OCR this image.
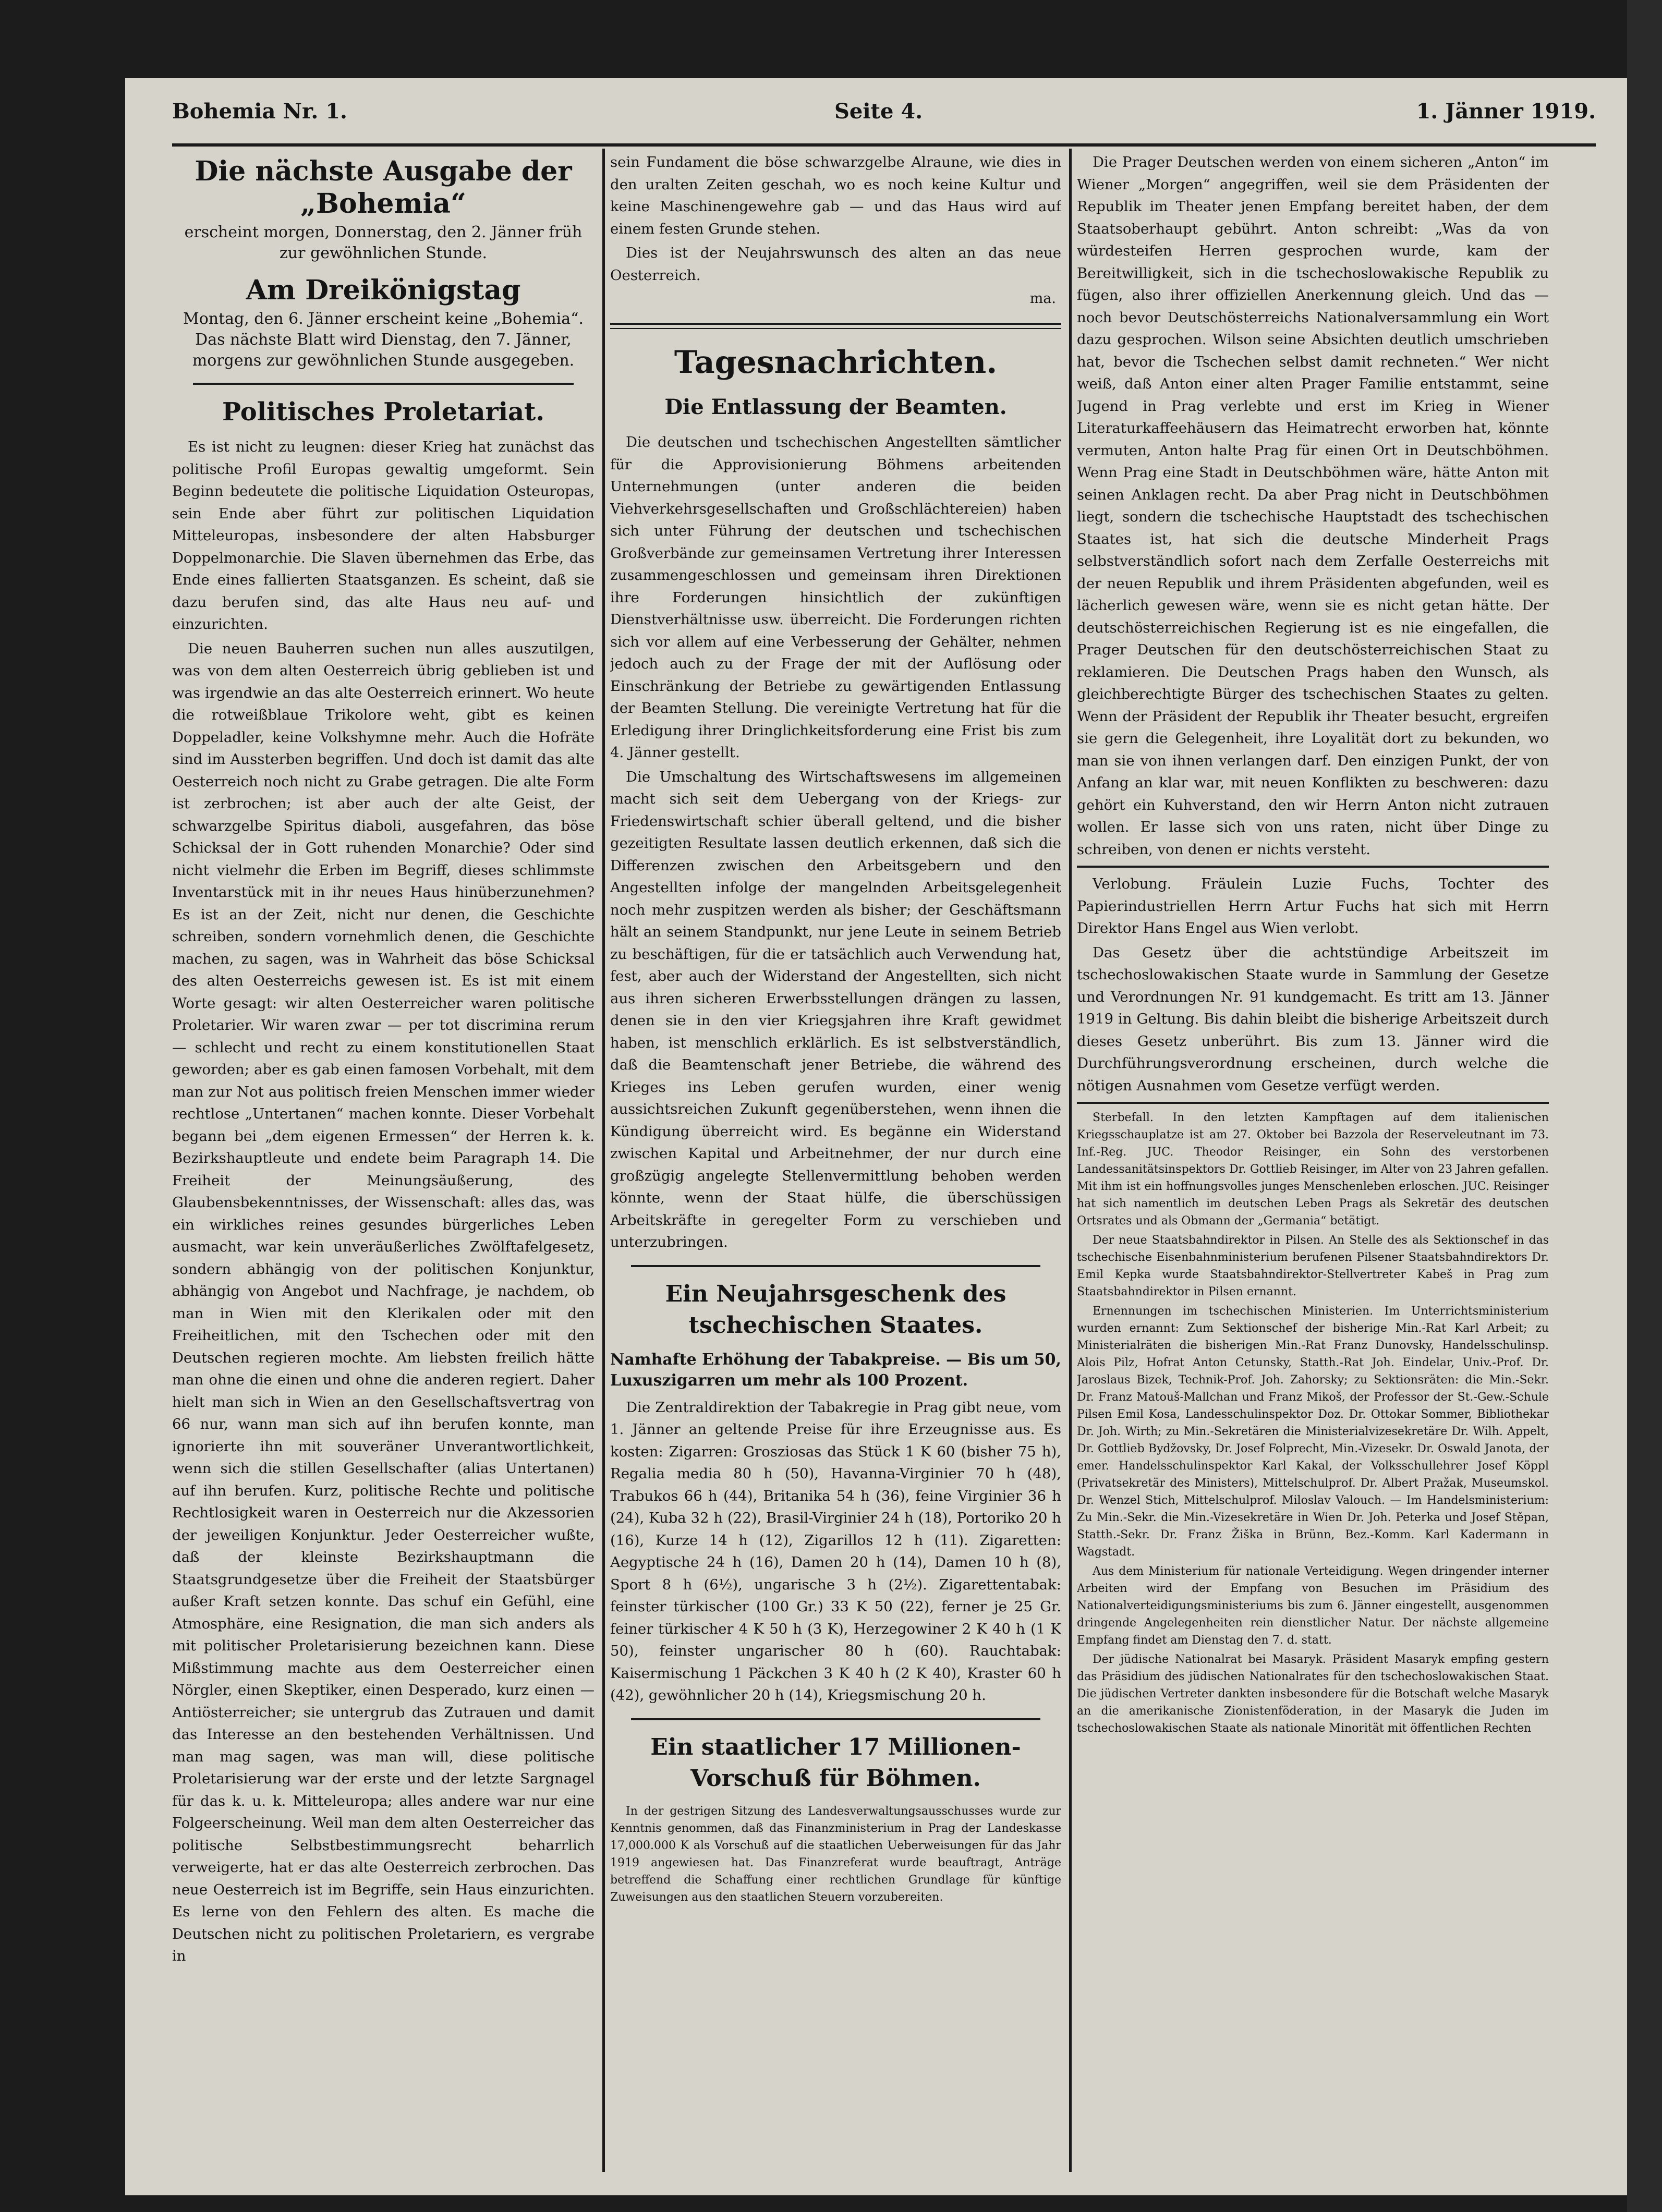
Bohemia Nr. 1.	Seite 4.	1. Jänner 1919.
Die nächste Ausgabe der „Bohemia“
erscheint morgen, Donnerstag, den 2. Jänner früh zur gewöhnlichen Stunde.
Am Dreikönigstag
Montag, den 6. Jänner erscheint keine „Bohemia“. Das nächste Blatt wird Dienstag, den 7. Jänner, morgens zur gewöhnlichen Stunde ausgegeben.
Politisches Proletariat.

Es ist nicht zu leugnen: dieser Krieg hat zunächst das politische Profil Europas gewaltig umgeformt. Sein Beginn bedeutete die politische Liquidation Osteuropas, sein Ende aber führt zur politischen Liquidation Mitteleuropas, insbesondere der alten Habsburger Doppelmonarchie. Die Slaven übernehmen das Erbe, das Ende eines fallierten Staatsganzen. Es scheint, daß sie dazu berufen sind, das alte Haus neu auf- und einzurichten.

Die neuen Bauherren suchen nun alles auszutilgen, was von dem alten Oesterreich übrig geblieben ist und was irgendwie an das alte Oesterreich erinnert. Wo heute die rotweißblaue Trikolore weht, gibt es keinen Doppeladler, keine Volkshymne mehr. Auch die Hofräte sind im Aussterben begriffen. Und doch ist damit das alte Oesterreich noch nicht zu Grabe getragen. Die alte Form ist zerbrochen; ist aber auch der alte Geist, der schwarzgelbe Spiritus diaboli, ausgefahren, das böse Schicksal der in Gott ruhenden Monarchie? Oder sind nicht vielmehr die Erben im Begriff, dieses schlimmste Inventarstück mit in ihr neues Haus hinüberzunehmen? Es ist an der Zeit, nicht nur denen, die Geschichte schreiben, sondern vornehmlich denen, die Geschichte machen, zu sagen, was in Wahrheit das böse Schicksal des alten Oesterreichs gewesen ist. Es ist mit einem Worte gesagt: wir alten Oesterreicher waren politische Proletarier. Wir waren zwar — per tot discrimina rerum — schlecht und recht zu einem konstitutionellen Staat geworden; aber es gab einen famosen Vorbehalt, mit dem man zur Not aus politisch freien Menschen immer wieder rechtlose „Untertanen“ machen konnte. Dieser Vorbehalt begann bei „dem eigenen Ermessen“ der Herren k. k. Bezirkshauptleute und endete beim Paragraph 14. Die Freiheit der Meinungsäußerung, des Glaubensbekenntnisses, der Wissenschaft: alles das, was ein wirkliches reines gesundes bürgerliches Leben ausmacht, war kein unveräußerliches Zwölftafelgesetz, sondern abhängig von der politischen Konjunktur, abhängig von Angebot und Nachfrage, je nachdem, ob man in Wien mit den Klerikalen oder mit den Freiheitlichen, mit den Tschechen oder mit den Deutschen regieren mochte. Am liebsten freilich hätte man ohne die einen und ohne die anderen regiert. Daher hielt man sich in Wien an den Gesellschaftsvertrag von 66 nur, wann man sich auf ihn berufen konnte, man ignorierte ihn mit souveräner Unverantwortlichkeit, wenn sich die stillen Gesellschafter (alias Untertanen) auf ihn berufen. Kurz, politische Rechte und politische Rechtlosigkeit waren in Oesterreich nur die Akzessorien der jeweiligen Konjunktur. Jeder Oesterreicher wußte, daß der kleinste Bezirkshauptmann die Staatsgrundgesetze über die Freiheit der Staatsbürger außer Kraft setzen konnte. Das schuf ein Gefühl, eine Atmosphäre, eine Resignation, die man sich anders als mit politischer Proletarisierung bezeichnen kann. Diese Mißstimmung machte aus dem Oesterreicher einen Nörgler, einen Skeptiker, einen Desperado, kurz einen — Antiösterreicher; sie untergrub das Zutrauen und damit das Interesse an den bestehenden Verhältnissen. Und man mag sagen, was man will, diese politische Proletarisierung war der erste und der letzte Sargnagel für das k. u. k. Mitteleuropa; alles andere war nur eine Folgeerscheinung. Weil man dem alten Oesterreicher das politische Selbstbestimmungsrecht beharrlich verweigerte, hat er das alte Oesterreich zerbrochen. Das neue Oesterreich ist im Begriffe, sein Haus einzurichten. Es lerne von den Fehlern des alten. Es mache die Deutschen nicht zu politischen Proletariern, es vergrabe in

sein Fundament die böse schwarzgelbe Alraune, wie dies in den uralten Zeiten geschah, wo es noch keine Kultur und keine Maschinengewehre gab — und das Haus wird auf einem festen Grunde stehen.

Dies ist der Neujahrswunsch des alten an das neue Oesterreich.

ma.
Tagesnachrichten.
Die Entlassung der Beamten.

Die deutschen und tschechischen Angestellten sämtlicher für die Approvisionierung Böhmens arbeitenden Unternehmungen (unter anderen die beiden Viehverkehrsgesellschaften und Großschlächtereien) haben sich unter Führung der deutschen und tschechischen Großverbände zur gemeinsamen Vertretung ihrer Interessen zusammengeschlossen und gemeinsam ihren Direktionen ihre Forderungen hinsichtlich der zukünftigen Dienstverhältnisse usw. überreicht. Die Forderungen richten sich vor allem auf eine Verbesserung der Gehälter, nehmen jedoch auch zu der Frage der mit der Auflösung oder Einschränkung der Betriebe zu gewärtigenden Entlassung der Beamten Stellung. Die vereinigte Vertretung hat für die Erledigung ihrer Dringlichkeitsforderung eine Frist bis zum 4. Jänner gestellt.

Die Umschaltung des Wirtschaftswesens im allgemeinen macht sich seit dem Uebergang von der Kriegs- zur Friedenswirtschaft schier überall geltend, und die bisher gezeitigten Resultate lassen deutlich erkennen, daß sich die Differenzen zwischen den Arbeitsgebern und den Angestellten infolge der mangelnden Arbeitsgelegenheit noch mehr zuspitzen werden als bisher; der Geschäftsmann hält an seinem Standpunkt, nur jene Leute in seinem Betrieb zu beschäftigen, für die er tatsächlich auch Verwendung hat, fest, aber auch der Widerstand der Angestellten, sich nicht aus ihren sicheren Erwerbsstellungen drängen zu lassen, denen sie in den vier Kriegsjahren ihre Kraft gewidmet haben, ist menschlich erklärlich. Es ist selbstverständlich, daß die Beamtenschaft jener Betriebe, die während des Krieges ins Leben gerufen wurden, einer wenig aussichtsreichen Zukunft gegenüberstehen, wenn ihnen die Kündigung überreicht wird. Es begänne ein Widerstand zwischen Kapital und Arbeitnehmer, der nur durch eine großzügig angelegte Stellenvermittlung behoben werden könnte, wenn der Staat hülfe, die überschüssigen Arbeitskräfte in geregelter Form zu verschieben und unterzubringen.

Ein Neujahrsgeschenk des tschechischen Staates.
Namhafte Erhöhung der Tabakpreise. — Bis um 50, Luxuszigarren um mehr als 100 Prozent.

Die Zentraldirektion der Tabakregie in Prag gibt neue, vom 1. Jänner an geltende Preise für ihre Erzeugnisse aus. Es kosten: Zigarren: Grosziosas das Stück 1 K 60 (bisher 75 h), Regalia media 80 h (50), Havanna-Virginier 70 h (48), Trabukos 66 h (44), Britanika 54 h (36), feine Virginier 36 h (24), Kuba 32 h (22), Brasil-Virginier 24 h (18), Portoriko 20 h (16), Kurze 14 h (12), Zigarillos 12 h (11). Zigaretten: Aegyptische 24 h (16), Damen 20 h (14), Damen 10 h (8), Sport 8 h (6½), ungarische 3 h (2½). Zigarettentabak: feinster türkischer (100 Gr.) 33 K 50 (22), ferner je 25 Gr. feiner türkischer 4 K 50 h (3 K), Herzegowiner 2 K 40 h (1 K 50), feinster ungarischer 80 h (60). Rauchtabak: Kaisermischung 1 Päckchen 3 K 40 h (2 K 40), Kraster 60 h (42), gewöhnlicher 20 h (14), Kriegsmischung 20 h.

Ein staatlicher 17 Millionen-Vorschuß für Böhmen.

In der gestrigen Sitzung des Landesverwaltungsausschusses wurde zur Kenntnis genommen, daß das Finanzministerium in Prag der Landeskasse 17,000.000 K als Vorschuß auf die staatlichen Ueberweisungen für das Jahr 1919 angewiesen hat. Das Finanzreferat wurde beauftragt, Anträge betreffend die Schaffung einer rechtlichen Grundlage für künftige Zuweisungen aus den staatlichen Steuern vorzubereiten.

Die Prager Deutschen werden von einem sicheren „Anton“ im Wiener „Morgen“ angegriffen, weil sie dem Präsidenten der Republik im Theater jenen Empfang bereitet haben, der dem Staatsoberhaupt gebührt. Anton schreibt: „Was da von würdesteifen Herren gesprochen wurde, kam der Bereitwilligkeit, sich in die tschechoslowakische Republik zu fügen, also ihrer offiziellen Anerkennung gleich. Und das — noch bevor Deutschösterreichs Nationalversammlung ein Wort dazu gesprochen. Wilson seine Absichten deutlich umschrieben hat, bevor die Tschechen selbst damit rechneten.“ Wer nicht weiß, daß Anton einer alten Prager Familie entstammt, seine Jugend in Prag verlebte und erst im Krieg in Wiener Literaturkaffeehäusern das Heimatrecht erworben hat, könnte vermuten, Anton halte Prag für einen Ort in Deutschböhmen. Wenn Prag eine Stadt in Deutschböhmen wäre, hätte Anton mit seinen Anklagen recht. Da aber Prag nicht in Deutschböhmen liegt, sondern die tschechische Hauptstadt des tschechischen Staates ist, hat sich die deutsche Minderheit Prags selbstverständlich sofort nach dem Zerfalle Oesterreichs mit der neuen Republik und ihrem Präsidenten abgefunden, weil es lächerlich gewesen wäre, wenn sie es nicht getan hätte. Der deutschösterreichischen Regierung ist es nie eingefallen, die Prager Deutschen für den deutschösterreichischen Staat zu reklamieren. Die Deutschen Prags haben den Wunsch, als gleichberechtigte Bürger des tschechischen Staates zu gelten. Wenn der Präsident der Republik ihr Theater besucht, ergreifen sie gern die Gelegenheit, ihre Loyalität dort zu bekunden, wo man sie von ihnen verlangen darf. Den einzigen Punkt, der von Anfang an klar war, mit neuen Konflikten zu beschweren: dazu gehört ein Kuhverstand, den wir Herrn Anton nicht zutrauen wollen. Er lasse sich von uns raten, nicht über Dinge zu schreiben, von denen er nichts versteht.

Verlobung. Fräulein Luzie Fuchs, Tochter des Papierindustriellen Herrn Artur Fuchs hat sich mit Herrn Direktor Hans Engel aus Wien verlobt.

Das Gesetz über die achtstündige Arbeitszeit im tschechoslowakischen Staate wurde in Sammlung der Gesetze und Verordnungen Nr. 91 kundgemacht. Es tritt am 13. Jänner 1919 in Geltung. Bis dahin bleibt die bisherige Arbeitszeit durch dieses Gesetz unberührt. Bis zum 13. Jänner wird die Durchführungsverordnung erscheinen, durch welche die nötigen Ausnahmen vom Gesetze verfügt werden.

Sterbefall. In den letzten Kampftagen auf dem italienischen Kriegsschauplatze ist am 27. Oktober bei Bazzola der Reserveleutnant im 73. Inf.-Reg. JUC. Theodor Reisinger, ein Sohn des verstorbenen Landessanitätsinspektors Dr. Gottlieb Reisinger, im Alter von 23 Jahren gefallen. Mit ihm ist ein hoffnungsvolles junges Menschenleben erloschen. JUC. Reisinger hat sich namentlich im deutschen Leben Prags als Sekretär des deutschen Ortsrates und als Obmann der „Germania“ betätigt.

Der neue Staatsbahndirektor in Pilsen. An Stelle des als Sektionschef in das tschechische Eisenbahnministerium berufenen Pilsener Staatsbahndirektors Dr. Emil Kepka wurde Staatsbahndirektor-Stellvertreter Kabeš in Prag zum Staatsbahndirektor in Pilsen ernannt.

Ernennungen im tschechischen Ministerien. Im Unterrichtsministerium wurden ernannt: Zum Sektionschef der bisherige Min.-Rat Karl Arbeit; zu Ministerialräten die bisherigen Min.-Rat Franz Dunovsky, Handelsschulinsp. Alois Pilz, Hofrat Anton Cetunsky, Statth.-Rat Joh. Eindelar, Univ.-Prof. Dr. Jaroslaus Bizek, Technik-Prof. Joh. Zahorsky; zu Sektionsräten: die Min.-Sekr. Dr. Franz Matouš-Mallchan und Franz Mikoš, der Professor der St.-Gew.-Schule Pilsen Emil Kosa, Landesschulinspektor Doz. Dr. Ottokar Sommer, Bibliothekar Dr. Joh. Wirth; zu Min.-Sekretären die Ministerialvizesekretäre Dr. Wilh. Appelt, Dr. Gottlieb Bydžovsky, Dr. Josef Folprecht, Min.-Vizesekr. Dr. Oswald Janota, der emer. Handelsschulinspektor Karl Kakal, der Volksschullehrer Josef Köppl (Privatsekretär des Ministers), Mittelschulprof. Dr. Albert Pražak, Museumskol. Dr. Wenzel Stich, Mittelschulprof. Miloslav Valouch. — Im Handelsministerium: Zu Min.-Sekr. die Min.-Vizesekretäre in Wien Dr. Joh. Peterka und Josef Stěpan, Statth.-Sekr. Dr. Franz Žiška in Brünn, Bez.-Komm. Karl Kadermann in Wagstadt.

Aus dem Ministerium für nationale Verteidigung. Wegen dringender interner Arbeiten wird der Empfang von Besuchen im Präsidium des Nationalverteidigungsministeriums bis zum 6. Jänner eingestellt, ausgenommen dringende Angelegenheiten rein dienstlicher Natur. Der nächste allgemeine Empfang findet am Dienstag den 7. d. statt.

Der jüdische Nationalrat bei Masaryk. Präsident Masaryk empfing gestern das Präsidium des jüdischen Nationalrates für den tschechoslowakischen Staat. Die jüdischen Vertreter dankten insbesondere für die Botschaft welche Masaryk an die amerikanische Zionistenföderation, in der Masaryk die Juden im tschechoslowakischen Staate als nationale Minorität mit öffentlichen Rechten
